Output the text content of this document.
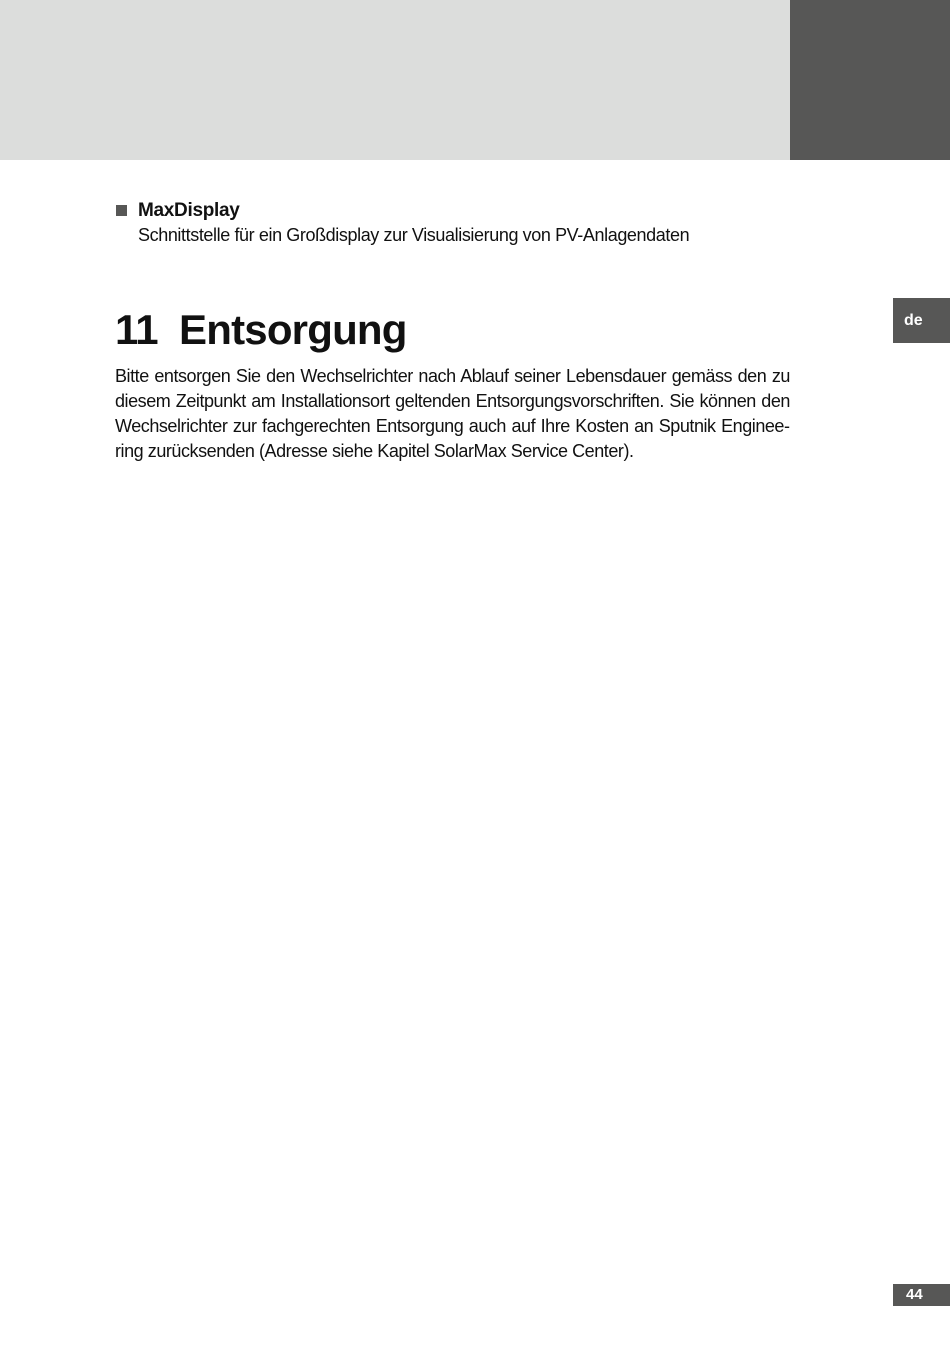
de
MaxDisplay
Schnittstelle für ein Großdisplay zur Visualisierung von PV-Anlagendaten
11 Entsorgung

Bitte entsorgen Sie den Wechselrichter nach Ablauf seiner Lebensdauer gemäss den zu diesem Zeitpunkt am Installationsort geltenden Entsorgungsvorschriften. Sie können den Wechselrichter zur fachgerechten Entsorgung auch auf Ihre Kosten an Sputnik Engineering zurücksenden (Adresse siehe Kapitel SolarMax Service Center).

44
